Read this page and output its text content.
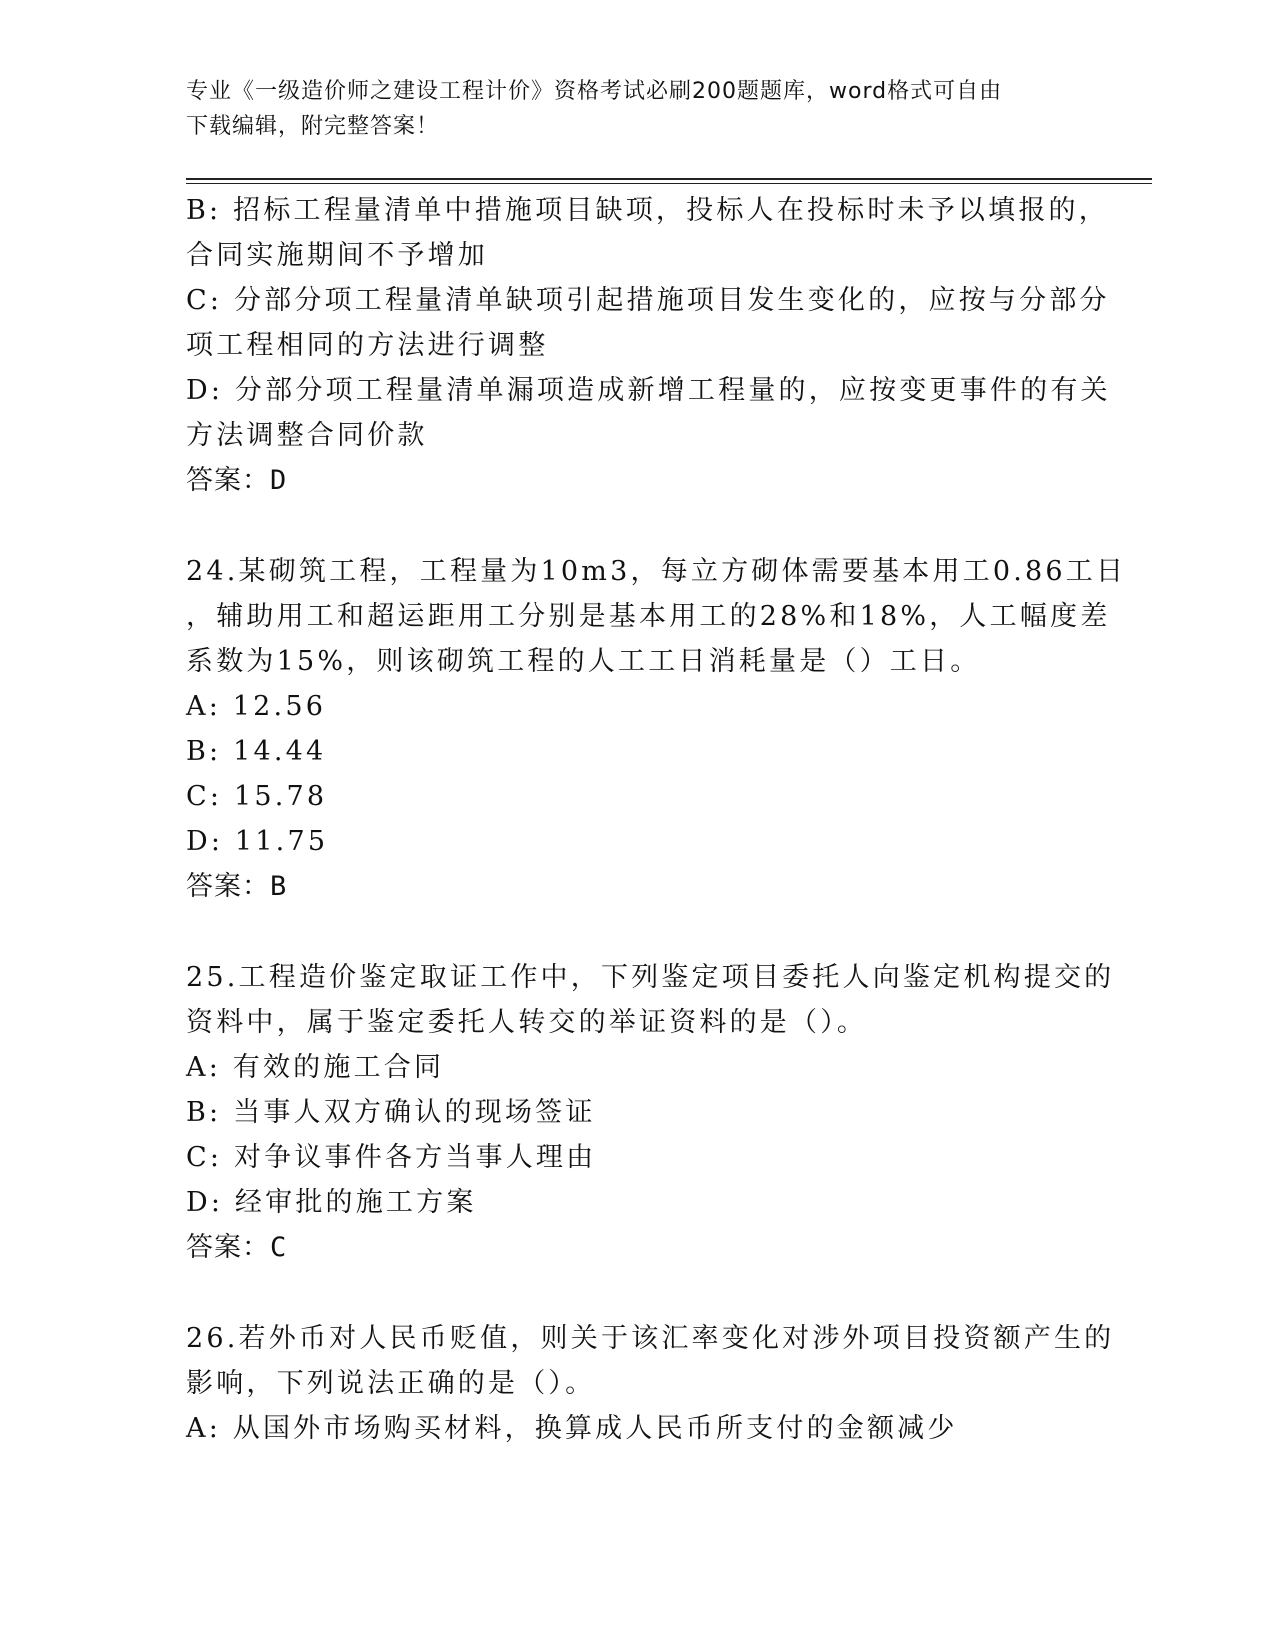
专业《一级造价师之建设工程计价》资格考试必刷200题题库，word格式可自由
下载编辑，附完整答案！
B: 招标工程量清单中措施项目缺项，投标人在投标时未予以填报的，
合同实施期间不予增加
C: 分部分项工程量清单缺项引起措施项目发生变化的，应按与分部分
项工程相同的方法进行调整
D: 分部分项工程量清单漏项造成新增工程量的，应按变更事件的有关
方法调整合同价款
答案：D
24.某砌筑工程，工程量为10m3，每立方砌体需要基本用工0.86工日
，辅助用工和超运距用工分别是基本用工的28%和18%，人工幅度差
系数为15%，则该砌筑工程的人工工日消耗量是（）工日。
A: 12.56
B: 14.44
C: 15.78
D: 11.75
答案：B
25.工程造价鉴定取证工作中，下列鉴定项目委托人向鉴定机构提交的
资料中，属于鉴定委托人转交的举证资料的是（）。
A: 有效的施工合同
B: 当事人双方确认的现场签证
C: 对争议事件各方当事人理由
D: 经审批的施工方案
答案：C
26.若外币对人民币贬值，则关于该汇率变化对涉外项目投资额产生的
影响，下列说法正确的是（）。
A: 从国外市场购买材料，换算成人民币所支付的金额减少
